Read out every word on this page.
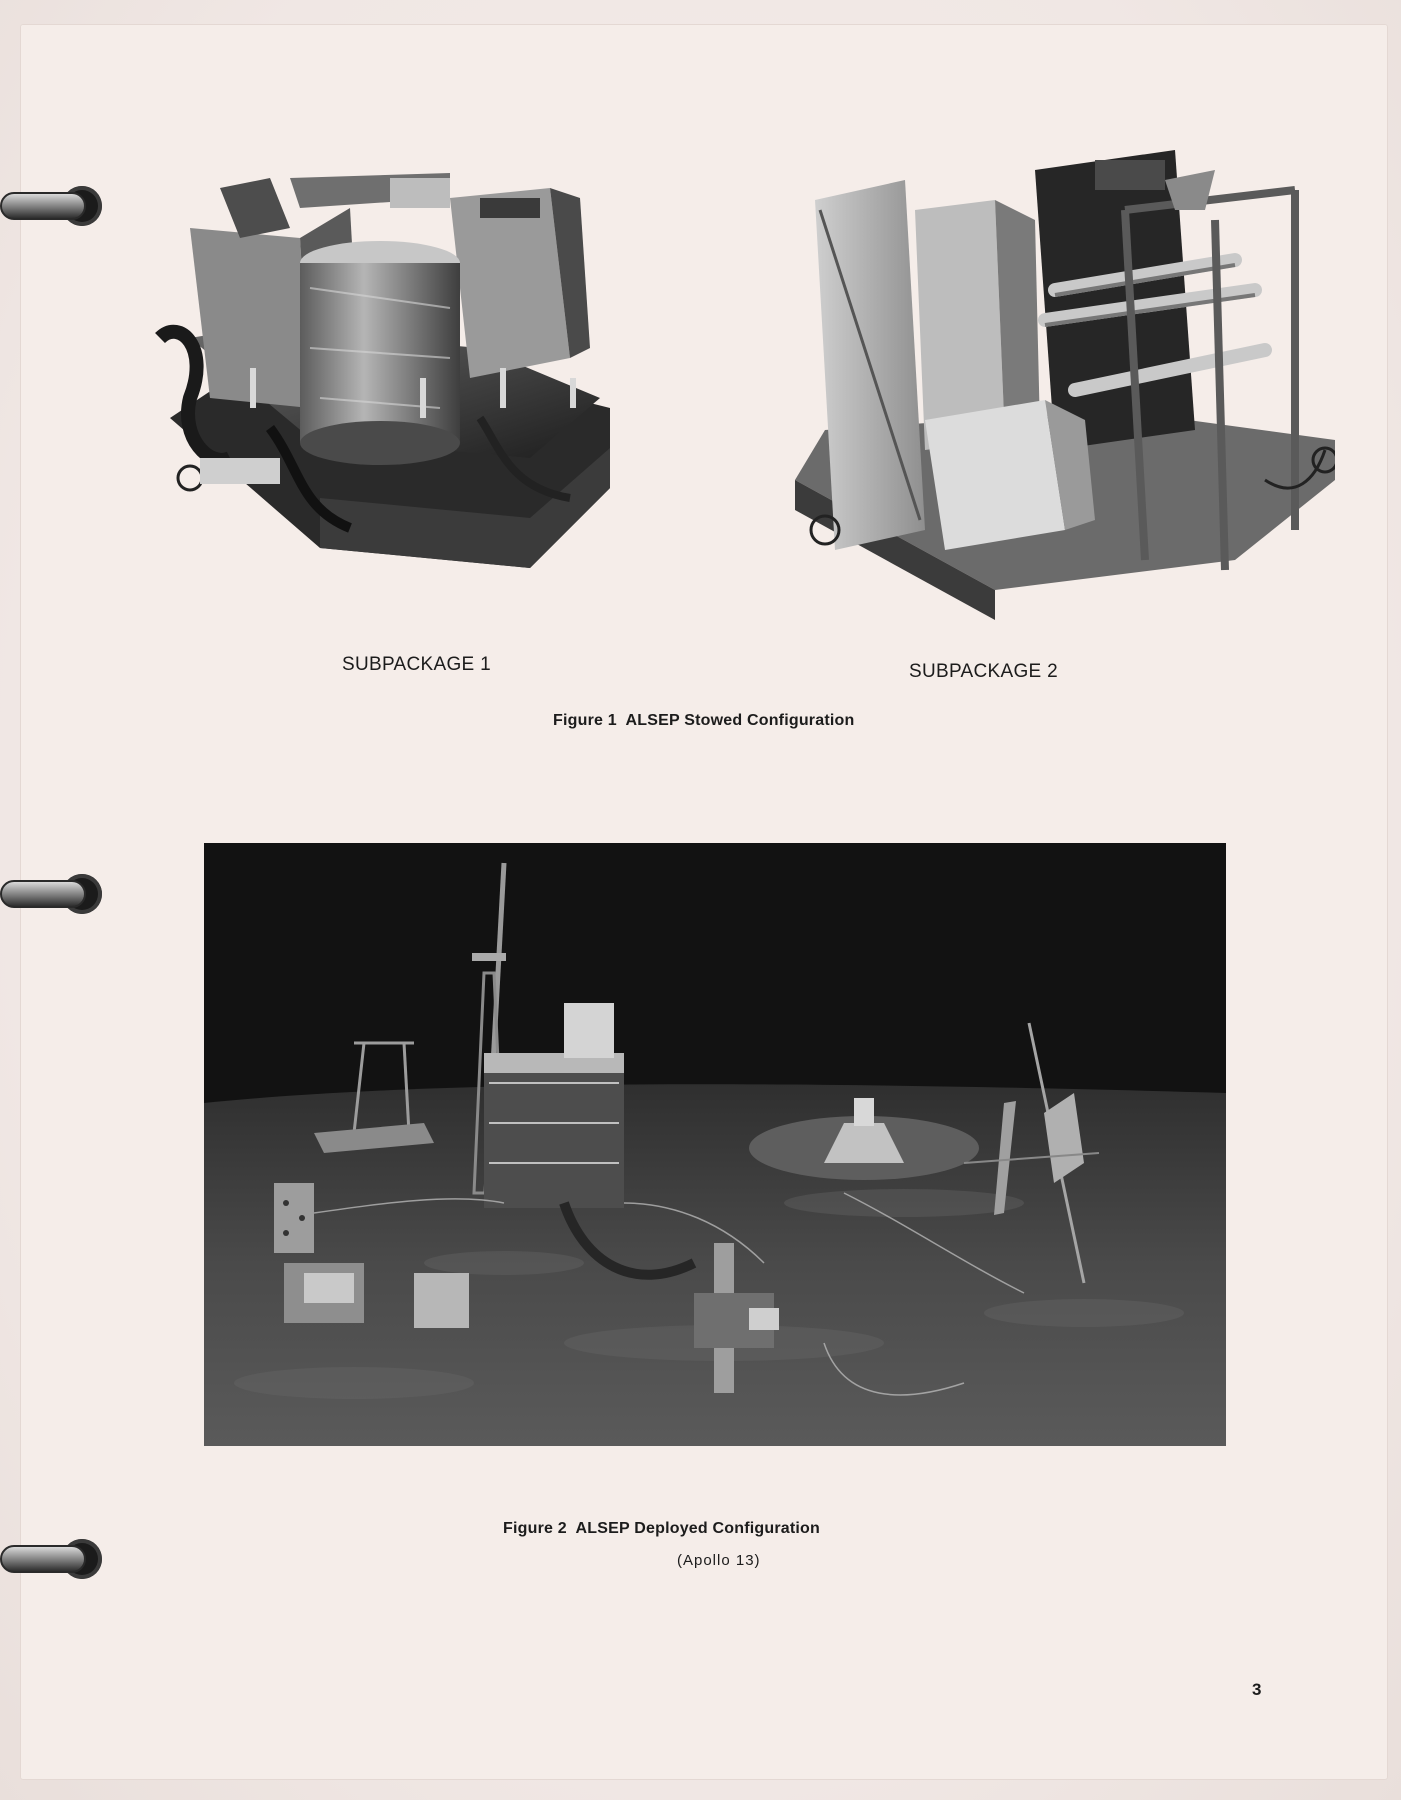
SUBPACKAGE 1	SUBPACKAGE 2
Figure 1 ALSEP Stowed Configuration
Figure 2 ALSEP Deployed Configuration
(Apollo 13)
3
